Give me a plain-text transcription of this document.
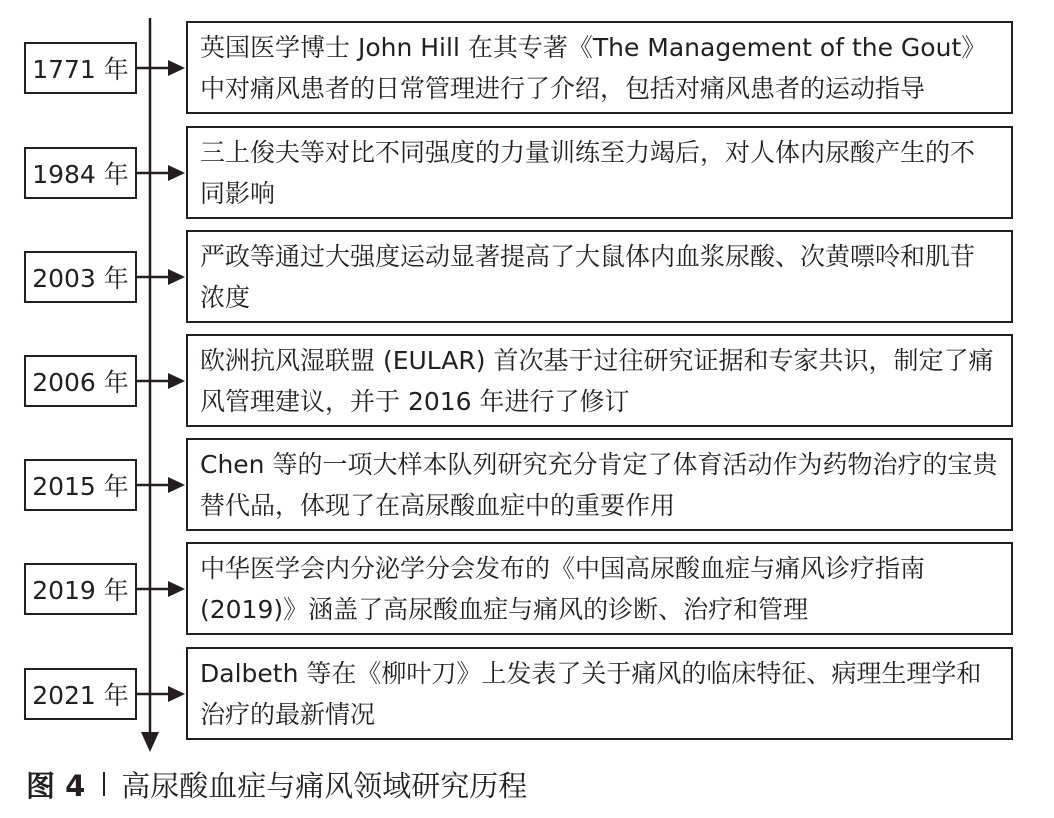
1771 年
英国医学博士 John Hill 在其专著《The Management of the Gout》中对痛风患者的日常管理进行了介绍，包括对痛风患者的运动指导
1984 年
三上俊夫等对比不同强度的力量训练至力竭后，对人体内尿酸产生的不同影响
2003 年
严政等通过大强度运动显著提高了大鼠体内血浆尿酸、次黄嘌呤和肌苷浓度
2006 年
欧洲抗风湿联盟 (EULAR) 首次基于过往研究证据和专家共识，制定了痛风管理建议，并于 2016 年进行了修订
2015 年
Chen 等的一项大样本队列研究充分肯定了体育活动作为药物治疗的宝贵替代品，体现了在高尿酸血症中的重要作用
2019 年
中华医学会内分泌学分会发布的《中国高尿酸血症与痛风诊疗指南 (2019)》涵盖了高尿酸血症与痛风的诊断、治疗和管理
2021 年
Dalbeth 等在《柳叶刀》上发表了关于痛风的临床特征、病理生理学和治疗的最新情况
图 4 高尿酸血症与痛风领域研究历程
